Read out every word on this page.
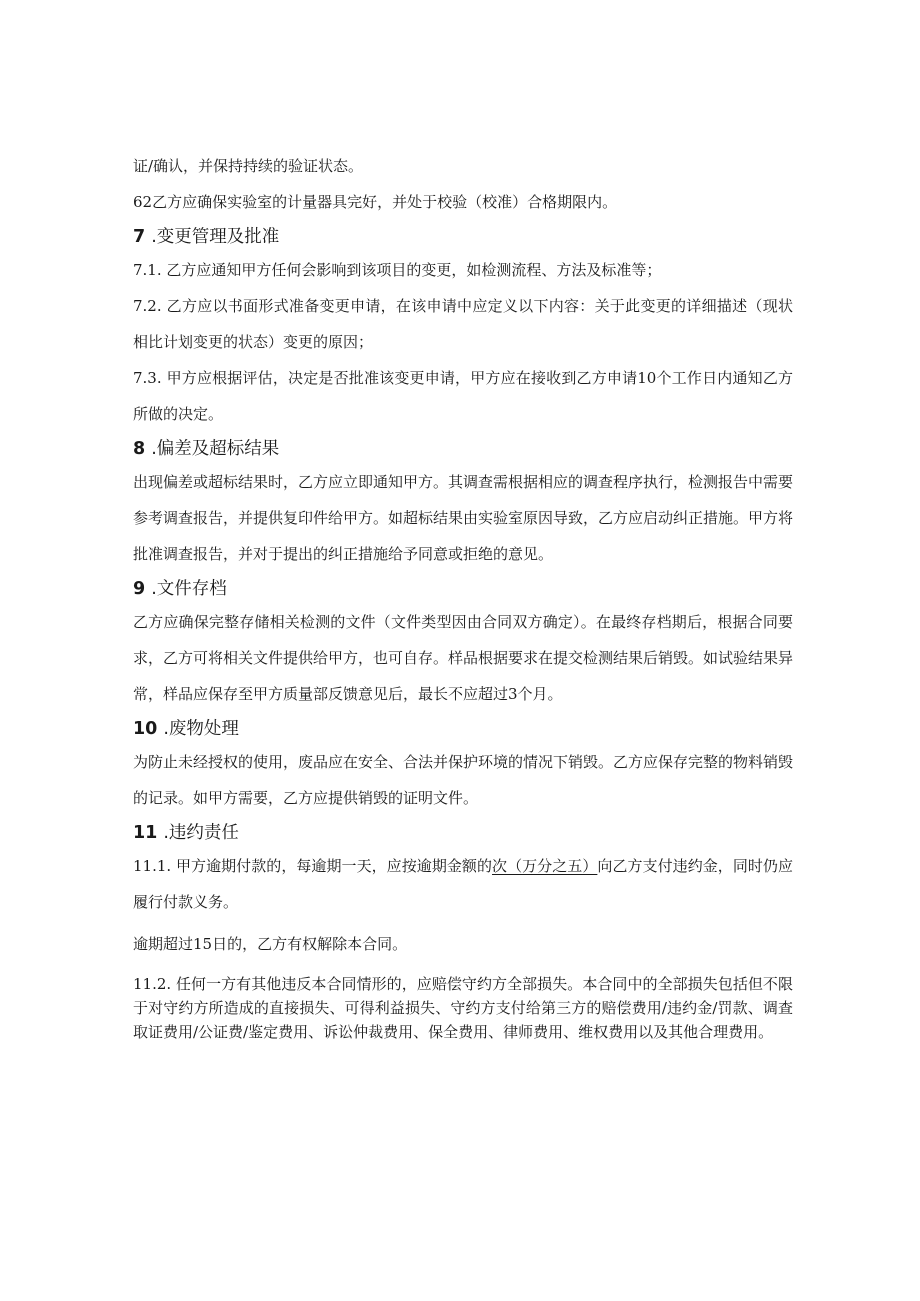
证/确认，并保持持续的验证状态。

62乙方应确保实验室的计量器具完好，并处于校验（校准）合格期限内。

7 .变更管理及批准

7.1. 乙方应通知甲方任何会影响到该项目的变更，如检测流程、方法及标准等；

7.2. 乙方应以书面形式准备变更申请，在该申请中应定义以下内容：关于此变更的详细描述（现状相比计划变更的状态）变更的原因；

7.3. 甲方应根据评估，决定是否批准该变更申请，甲方应在接收到乙方申请10个工作日内通知乙方所做的决定。

8 .偏差及超标结果

出现偏差或超标结果时，乙方应立即通知甲方。其调查需根据相应的调查程序执行，检测报告中需要参考调查报告，并提供复印件给甲方。如超标结果由实验室原因导致，乙方应启动纠正措施。甲方将批准调查报告，并对于提出的纠正措施给予同意或拒绝的意见。

9 .文件存档

乙方应确保完整存储相关检测的文件（文件类型因由合同双方确定）。在最终存档期后，根据合同要求，乙方可将相关文件提供给甲方，也可自存。样品根据要求在提交检测结果后销毁。如试验结果异常，样品应保存至甲方质量部反馈意见后，最长不应超过3个月。

10 .废物处理

为防止未经授权的使用，废品应在安全、合法并保护环境的情况下销毁。乙方应保存完整的物料销毁的记录。如甲方需要，乙方应提供销毁的证明文件。

11 .违约责任

11.1. 甲方逾期付款的，每逾期一天，应按逾期金额的次（万分之五）向乙方支付违约金，同时仍应履行付款义务。

逾期超过15日的，乙方有权解除本合同。

11.2. 任何一方有其他违反本合同情形的，应赔偿守约方全部损失。本合同中的全部损失包括但不限于对守约方所造成的直接损失、可得利益损失、守约方支付给第三方的赔偿费用/违约金/罚款、调查取证费用/公证费/鉴定费用、诉讼仲裁费用、保全费用、律师费用、维权费用以及其他合理费用。
